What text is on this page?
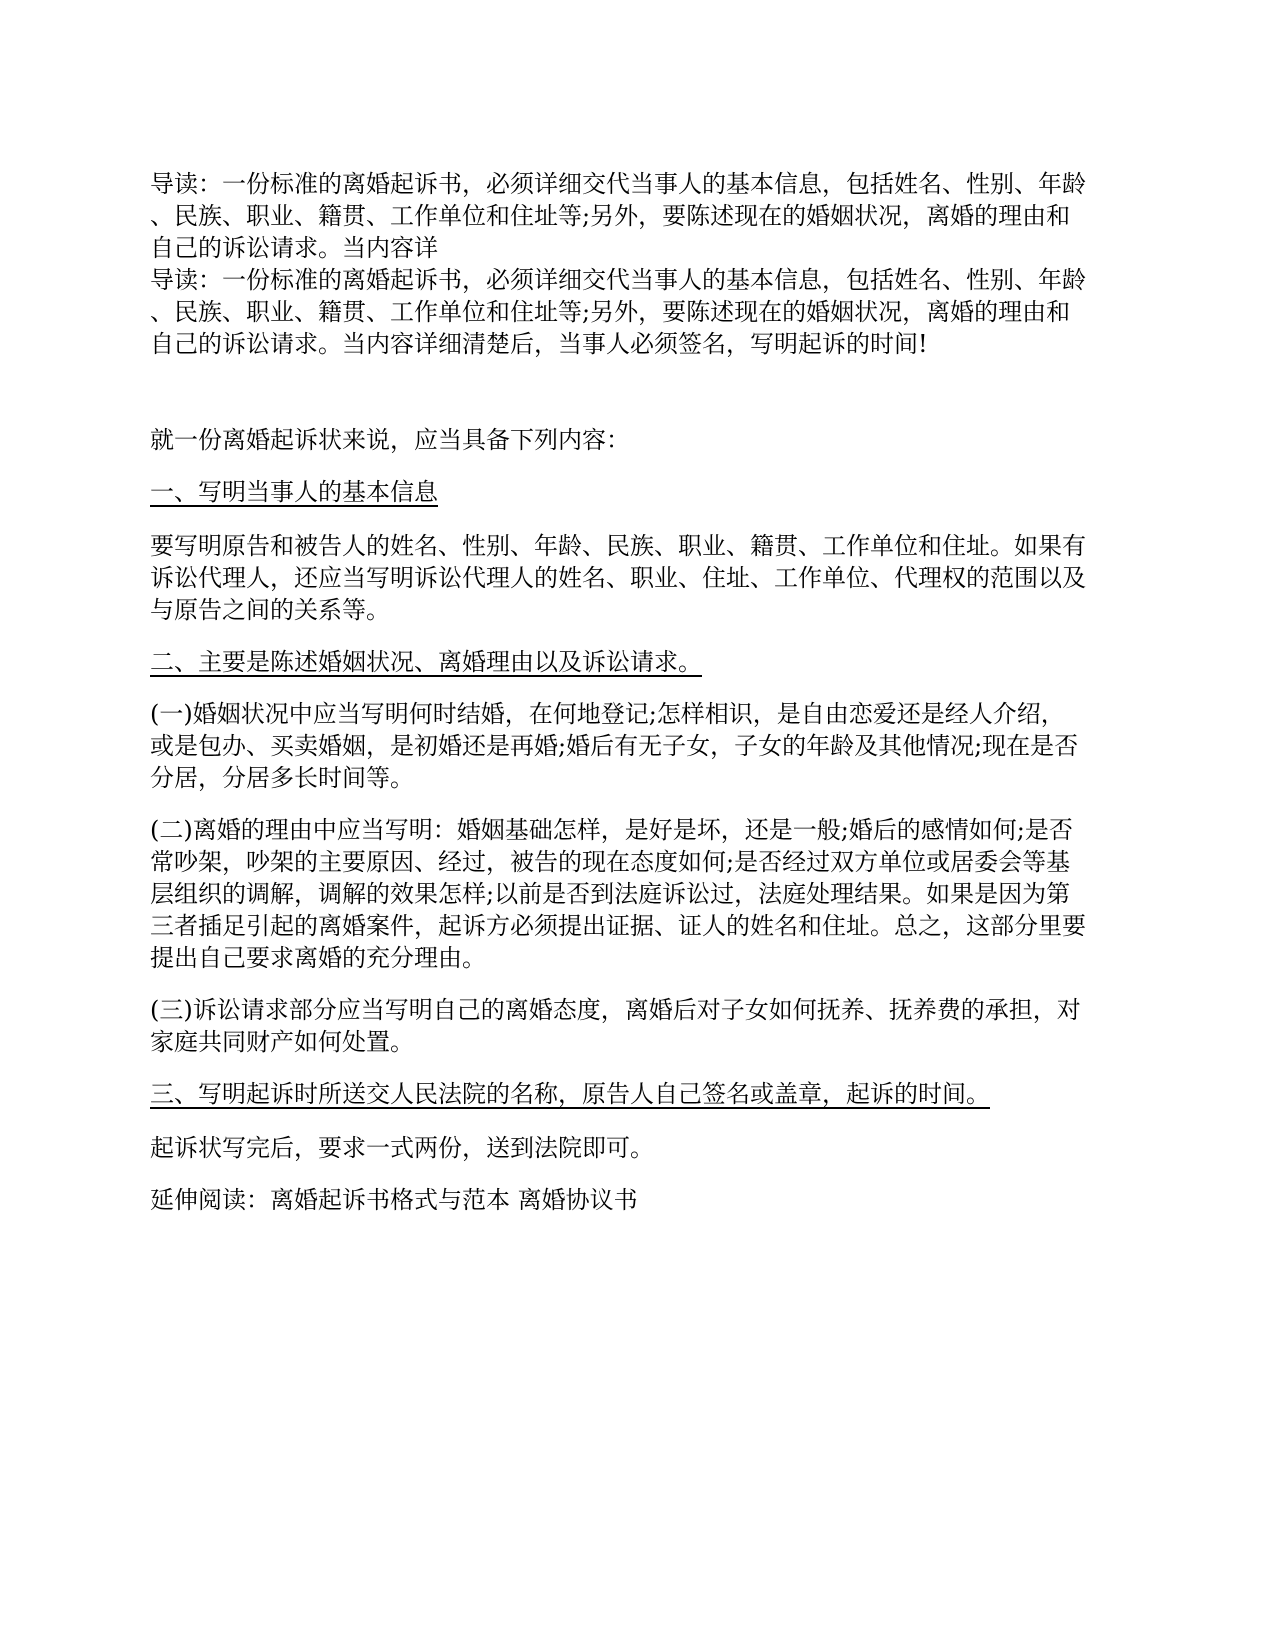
导读：一份标准的离婚起诉书，必须详细交代当事人的基本信息，包括姓名、性别、年龄
、民族、职业、籍贯、工作单位和住址等;另外，要陈述现在的婚姻状况，离婚的理由和
自己的诉讼请求。当内容详

导读：一份标准的离婚起诉书，必须详细交代当事人的基本信息，包括姓名、性别、年龄
、民族、职业、籍贯、工作单位和住址等;另外，要陈述现在的婚姻状况，离婚的理由和
自己的诉讼请求。当内容详细清楚后，当事人必须签名，写明起诉的时间!

就一份离婚起诉状来说，应当具备下列内容：

一、写明当事人的基本信息

要写明原告和被告人的姓名、性别、年龄、民族、职业、籍贯、工作单位和住址。如果有
诉讼代理人，还应当写明诉讼代理人的姓名、职业、住址、工作单位、代理权的范围以及
与原告之间的关系等。

二、主要是陈述婚姻状况、离婚理由以及诉讼请求。

(一)婚姻状况中应当写明何时结婚，在何地登记;怎样相识，是自由恋爱还是经人介绍，
或是包办、买卖婚姻，是初婚还是再婚;婚后有无子女，子女的年龄及其他情况;现在是否
分居，分居多长时间等。

(二)离婚的理由中应当写明：婚姻基础怎样，是好是坏，还是一般;婚后的感情如何;是否
常吵架，吵架的主要原因、经过，被告的现在态度如何;是否经过双方单位或居委会等基
层组织的调解，调解的效果怎样;以前是否到法庭诉讼过，法庭处理结果。如果是因为第
三者插足引起的离婚案件，起诉方必须提出证据、证人的姓名和住址。总之，这部分里要
提出自己要求离婚的充分理由。

(三)诉讼请求部分应当写明自己的离婚态度，离婚后对子女如何抚养、抚养费的承担，对
家庭共同财产如何处置。

三、写明起诉时所送交人民法院的名称，原告人自己签名或盖章，起诉的时间。

起诉状写完后，要求一式两份，送到法院即可。

延伸阅读：离婚起诉书格式与范本 离婚协议书
